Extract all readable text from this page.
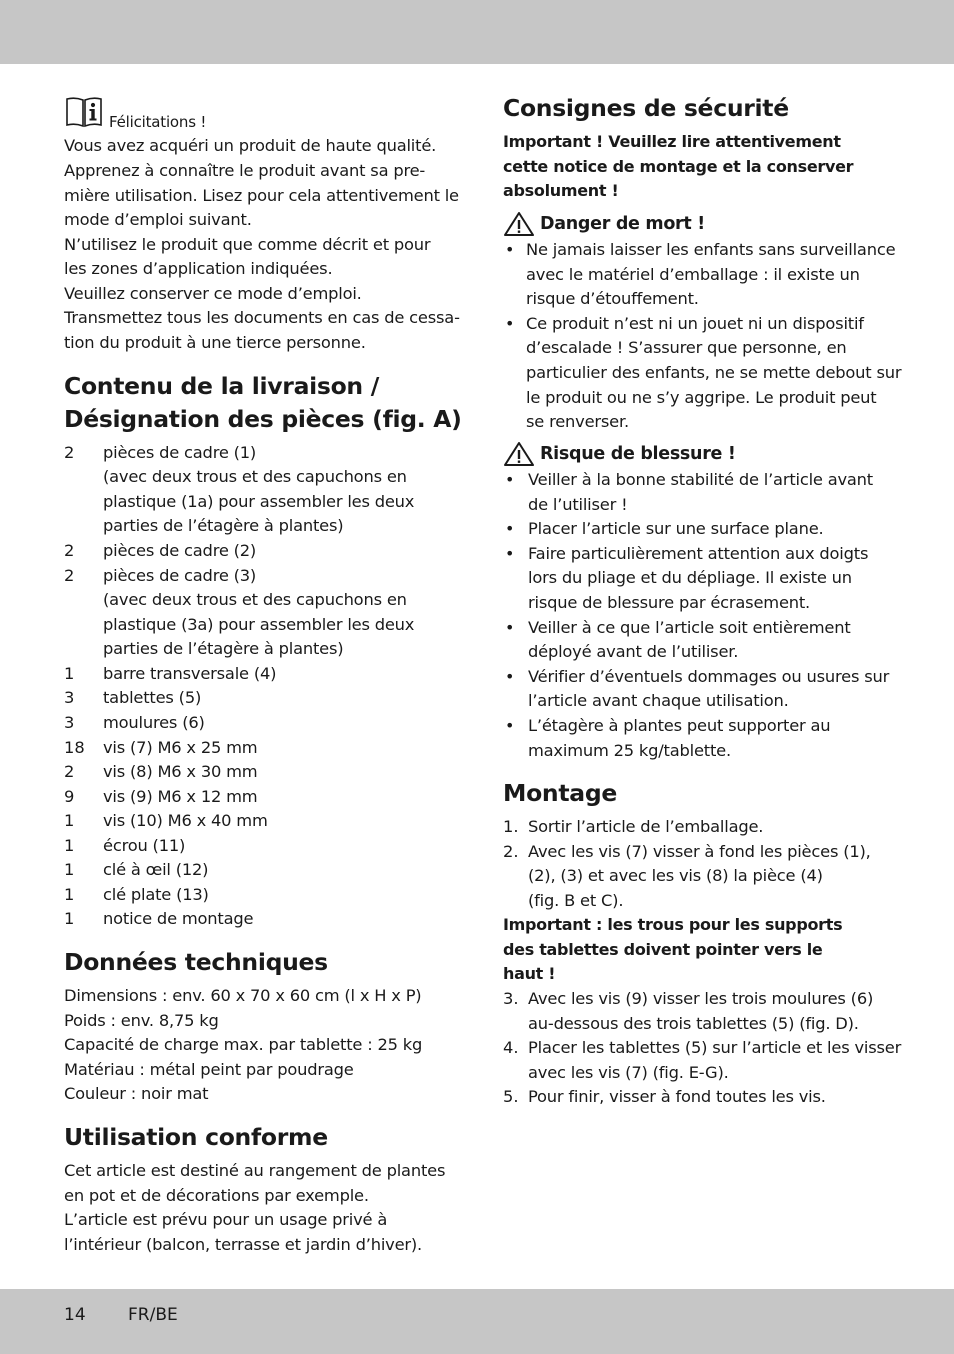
Félicitations !
Vous avez acquéri un produit de haute qualité.
Apprenez à connaître le produit avant sa pre-
mière utilisation. Lisez pour cela attentivement le
mode d’emploi suivant.
N’utilisez le produit que comme décrit et pour
les zones d’application indiquées.
Veuillez conserver ce mode d’emploi.
Transmettez tous les documents en cas de cessa-
tion du produit à une tierce personne.
Contenu de la livraison /
Désignation des pièces (fig. A)
2	pièces de cadre (1)
(avec deux trous et des capuchons en
plastique (1a) pour assembler les deux
parties de l’étagère à plantes)
2	pièces de cadre (2)
2	pièces de cadre (3)
(avec deux trous et des capuchons en
plastique (3a) pour assembler les deux
parties de l’étagère à plantes)
1	barre transversale (4)
3	tablettes (5)
3	moulures (6)
18	vis (7) M6 x 25 mm
2	vis (8) M6 x 30 mm
9	vis (9) M6 x 12 mm
1	vis (10) M6 x 40 mm
1	écrou (11)
1	clé à œil (12)
1	clé plate (13)
1	notice de montage
Données techniques
Dimensions : env. 60 x 70 x 60 cm (l x H x P)
Poids : env. 8,75 kg
Capacité de charge max. par tablette : 25 kg
Matériau : métal peint par poudrage
Couleur : noir mat
Utilisation conforme
Cet article est destiné au rangement de plantes
en pot et de décorations par exemple.
L’article est prévu pour un usage privé à
l’intérieur (balcon, terrasse et jardin d’hiver).
Consignes de sécurité
Important ! Veuillez lire attentivement
cette notice de montage et la conserver
absolument !
Danger de mort !
• Ne jamais laisser les enfants sans surveillance
avec le matériel d’emballage : il existe un
risque d’étouffement.
• Ce produit n’est ni un jouet ni un dispositif
d’escalade ! S’assurer que personne, en
particulier des enfants, ne se mette debout sur
le produit ou ne s’y aggripe. Le produit peut
se renverser.
Risque de blessure !
• Veiller à la bonne stabilité de l’article avant
de l’utiliser !
• Placer l’article sur une surface plane.
• Faire particulièrement attention aux doigts
lors du pliage et du dépliage. Il existe un
risque de blessure par écrasement.
• Veiller à ce que l’article soit entièrement
déployé avant de l’utiliser.
• Vérifier d’éventuels dommages ou usures sur
l’article avant chaque utilisation.
• L’étagère à plantes peut supporter au
maximum 25 kg/tablette.
Montage
1. Sortir l’article de l’emballage.
2. Avec les vis (7) visser à fond les pièces (1),
(2), (3) et avec les vis (8) la pièce (4)
(fig. B et C).
Important : les trous pour les supports
des tablettes doivent pointer vers le
haut !
3. Avec les vis (9) visser les trois moulures (6)
au-dessous des trois tablettes (5) (fig. D).
4. Placer les tablettes (5) sur l’article et les visser
avec les vis (7) (fig. E-G).
5. Pour finir, visser à fond toutes les vis.
14 FR/BE
